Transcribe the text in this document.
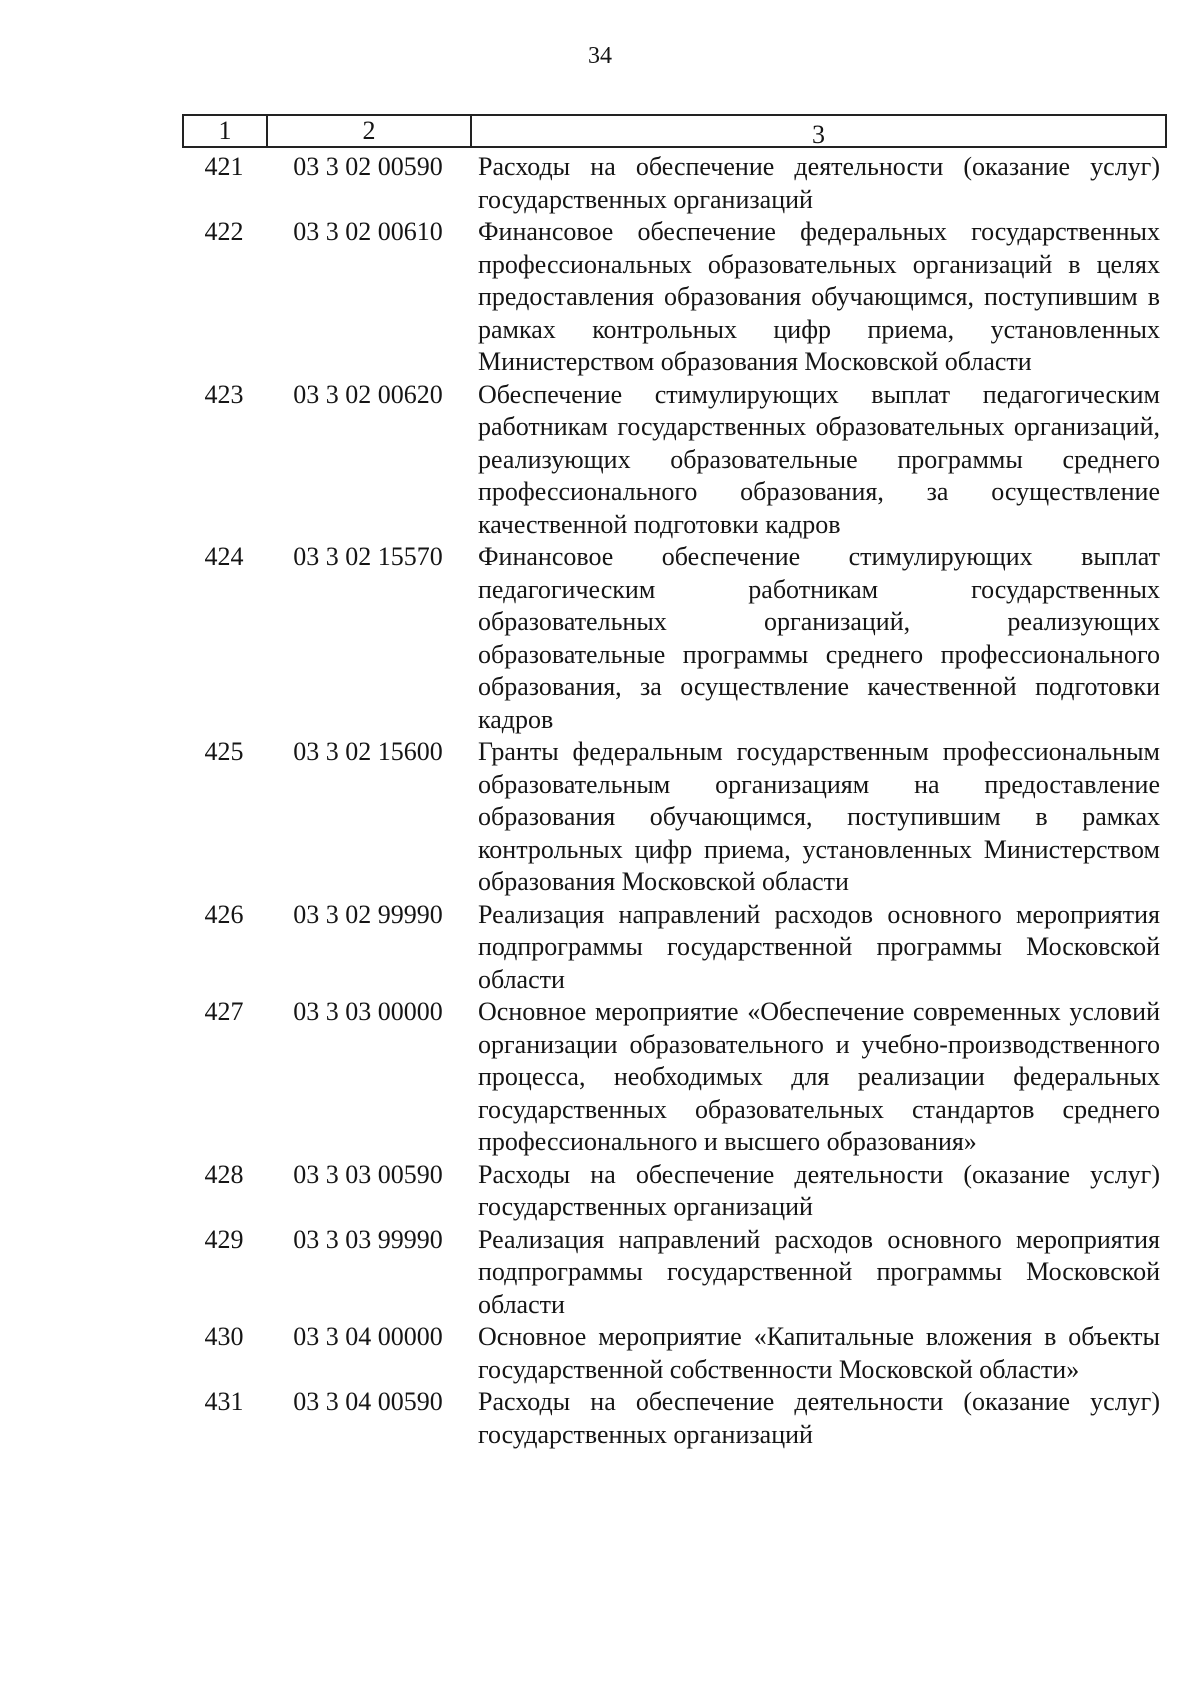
34
1	2	3
421	03 3 02 00590	Расходы на обеспечение деятельности (оказание услуг) государственных организаций
422	03 3 02 00610	Финансовое обеспечение федеральных государственных профессиональных образовательных организаций в целях предоставления образования обучающимся, поступившим в рамках контрольных цифр приема, установленных Министерством образования Московской области
423	03 3 02 00620	Обеспечение стимулирующих выплат педагогическим работникам государственных образовательных организаций, реализующих образовательные программы среднего профессионального образования, за осуществление качественной подготовки кадров
424	03 3 02 15570	Финансовое обеспечение стимулирующих выплат педагогическим работникам государственных образовательных организаций, реализующих образовательные программы среднего профессионального образования, за осуществление качественной подготовки кадров
425	03 3 02 15600	Гранты федеральным государственным профессиональным образовательным организациям на предоставление образования обучающимся, поступившим в рамках контрольных цифр приема, установленных Министерством образования Московской области
426	03 3 02 99990	Реализация направлений расходов основного мероприятия подпрограммы государственной программы Московской области
427	03 3 03 00000	Основное мероприятие «Обеспечение современных условий организации образовательного и учебно-производственного процесса, необходимых для реализации федеральных государственных образовательных стандартов среднего профессионального и высшего образования»
428	03 3 03 00590	Расходы на обеспечение деятельности (оказание услуг) государственных организаций
429	03 3 03 99990	Реализация направлений расходов основного мероприятия подпрограммы государственной программы Московской области
430	03 3 04 00000	Основное мероприятие «Капитальные вложения в объекты государственной собственности Московской области»
431	03 3 04 00590	Расходы на обеспечение деятельности (оказание услуг) государственных организаций
